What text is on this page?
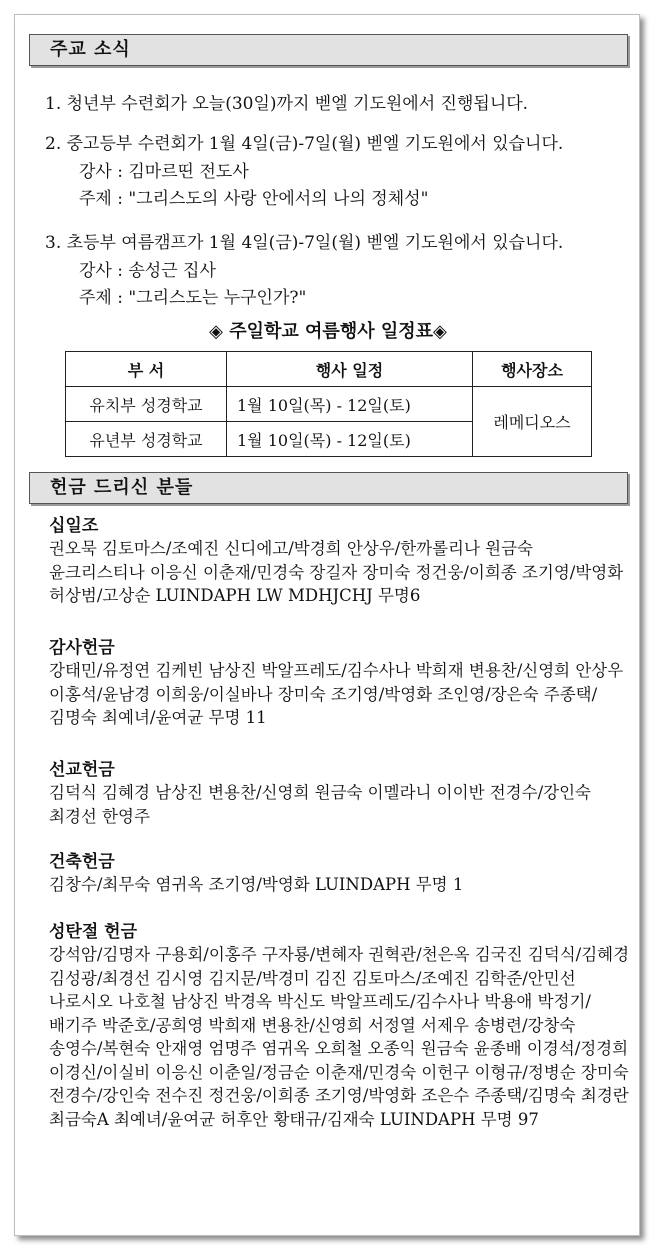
주교 소식
1. 청년부 수련회가 오늘(30일)까지 벧엘 기도원에서 진행됩니다.
2. 중고등부 수련회가 1월 4일(금)-7일(월) 벧엘 기도원에서 있습니다.
강사 : 김마르띤 전도사
주제 : "그리스도의 사랑 안에서의 나의 정체성"
3. 초등부 여름캠프가 1월 4일(금)-7일(월) 벧엘 기도원에서 있습니다.
강사 : 송성근 집사
주제 : "그리스도는 누구인가?"
◈ 주일학교 여름행사 일정표◈
부 서	행사 일정	행사장소
유치부 성경학교	1월 10일(목) - 12일(토)	레메디오스
유년부 성경학교	1월 10일(목) - 12일(토)	
헌금 드리신 분들
십일조
권오묵 김토마스/조예진 신디에고/박경희 안상우/한까롤리나 원금숙 윤크리스티나 이응신 이춘재/민경숙 장길자 장미숙 정건웅/이희종 조기영/박영화 허상범/고상순 LUINDAPH LW MDHJCHJ 무명6
감사헌금
강태민/유정연 김케빈 남상진 박알프레도/김수사나 박희재 변용찬/신영희 안상우 이홍석/윤남경 이희웅/이실바나 장미숙 조기영/박영화 조인영/장은숙 주종택/김명숙 최예녀/윤여균 무명 11
선교헌금
김덕식 김혜경 남상진 변용찬/신영희 원금숙 이멜라니 이이반 전경수/강인숙 최경선 한영주
건축헌금
김창수/최무숙 염귀옥 조기영/박영화 LUINDAPH 무명 1
성탄절 헌금
강석암/김명자 구용회/이홍주 구자룡/변혜자 권혁관/천은옥 김국진 김덕식/김혜경 김성광/최경선 김시영 김지문/박경미 김진 김토마스/조예진 김학준/안민선 나로시오 나호철 남상진 박경옥 박신도 박알프레도/김수사나 박용애 박정기/배기주 박준호/공희영 박희재 변용찬/신영희 서정열 서제우 송병련/강창숙 송영수/복현숙 안재영 엄명주 염귀옥 오희철 오종익 원금숙 윤종배 이경석/정경희 이경신/이실비 이응신 이춘일/정금순 이춘재/민경숙 이헌구 이형규/정병순 장미숙 전경수/강인숙 전수진 정건웅/이희종 조기영/박영화 조은수 주종택/김명숙 최경란 최금숙A 최예녀/윤여균 허후안 황태규/김재숙 LUINDAPH 무명 97
